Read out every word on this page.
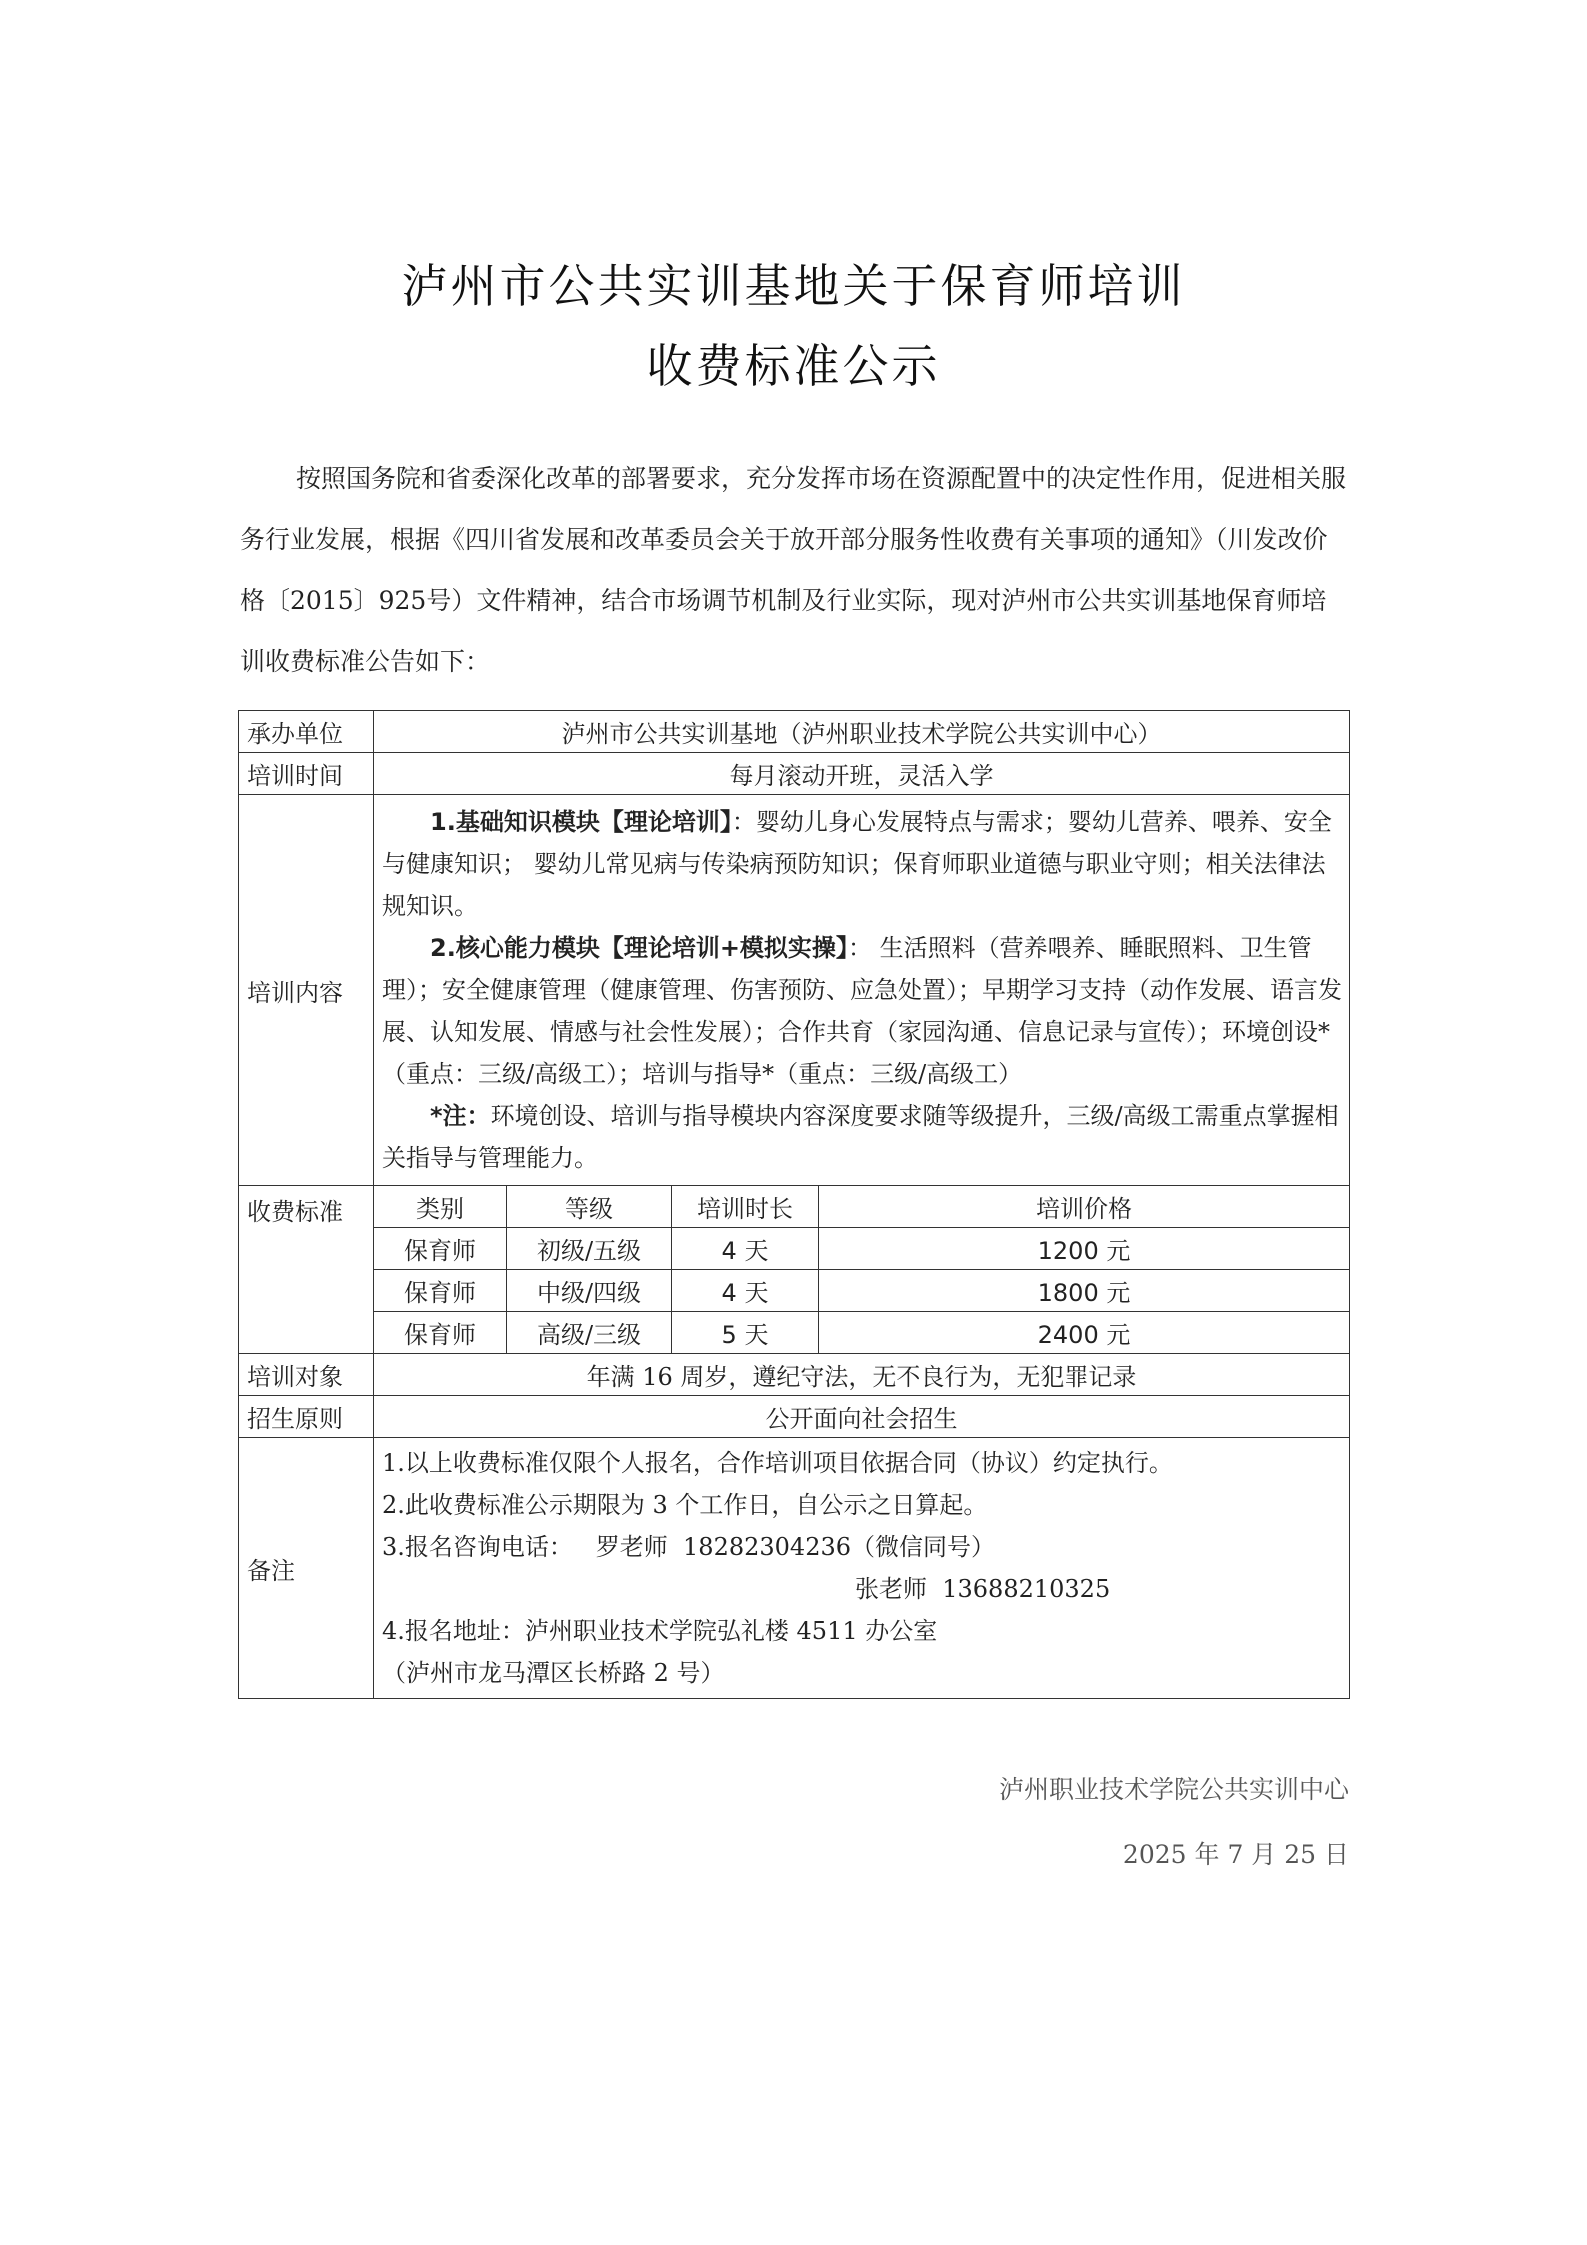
泸州市公共实训基地关于保育师培训
收费标准公示

按照国务院和省委深化改革的部署要求，充分发挥市场在资源配置中的决定性作用，促进相关服务行业发展，根据《四川省发展和改革委员会关于放开部分服务性收费有关事项的通知》（川发改价格〔2015〕925号）文件精神，结合市场调节机制及行业实际，现对泸州市公共实训基地保育师培训收费标准公告如下：

承办单位	泸州市公共实训基地（泸州职业技术学院公共实训中心）
培训时间	每月滚动开班，灵活入学
培训内容	

1.基础知识模块【理论培训】：婴幼儿身心发展特点与需求；婴幼儿营养、喂养、安全与健康知识； 婴幼儿常见病与传染病预防知识；保育师职业道德与职业守则；相关法律法规知识。

2.核心能力模块【理论培训+模拟实操】： 生活照料（营养喂养、睡眠照料、卫生管理）；安全健康管理（健康管理、伤害预防、应急处置）；早期学习支持（动作发展、语言发展、认知发展、情感与社会性发展）；合作共育（家园沟通、信息记录与宣传）；环境创设*（重点：三级/高级工）；培训与指导*（重点：三级/高级工）

*注：环境创设、培训与指导模块内容深度要求随等级提升，三级/高级工需重点掌握相关指导与管理能力。

收费标准		类别	等级	培训时长	培训价格
保育师	初级/五级	4 天	1200 元
保育师	中级/四级	4 天	1800 元
保育师	高级/三级	5 天	2400 元

培训对象	年满 16 周岁，遵纪守法，无不良行为，无犯罪记录
招生原则	公开面向社会招生
备注	
1.以上收费标准仅限个人报名，合作培训项目依据合同（协议）约定执行。
2.此收费标准公示期限为 3 个工作日，自公示之日算起。
3.报名咨询电话：   罗老师  18282304236（微信同号）
张老师  13688210325
4.报名地址：泸州职业技术学院弘礼楼 4511 办公室
（泸州市龙马潭区长桥路 2 号）
泸州职业技术学院公共实训中心
2025 年 7 月 25 日
